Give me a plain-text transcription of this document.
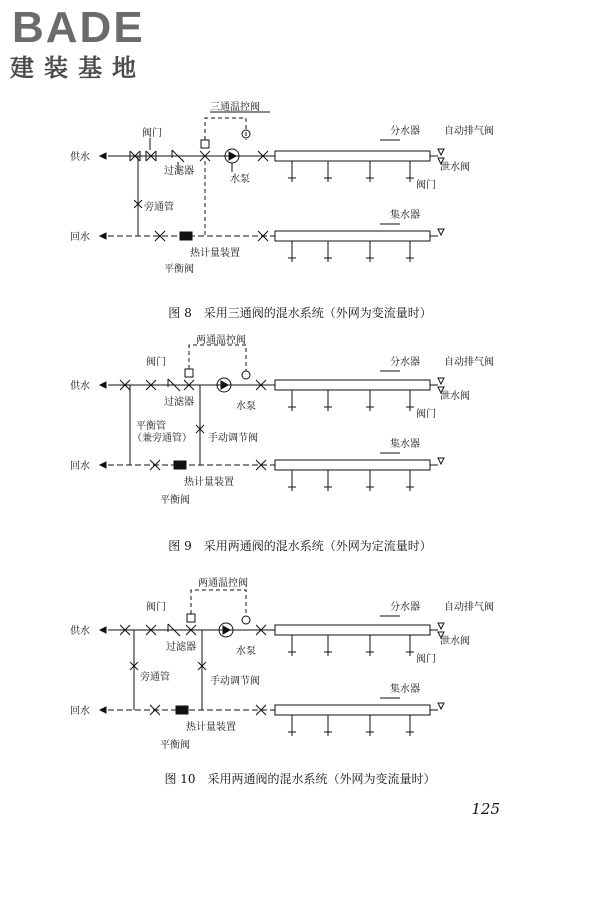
BADE
建装基地
三通温控阀
阀门
过滤器
水泵
供水
回水
旁通管
热计量装置
平衡阀
分水器 自动排气阀
泄水阀
阀门
集水器
图 8　采用三通阀的混水系统（外网为变流量时）
两通温控阀
阀门
过滤器	水泵
供水
回水
平衡管
（兼旁通管） 手动调节阀
热计量装置
平衡阀
分水器 自动排气阀
泄水阀
阀门
集水器
图 9　采用两通阀的混水系统（外网为定流量时）
两通温控阀
阀门
过滤器	水泵
供水
回水
旁通管	手动调节阀
热计量装置
平衡阀
分水器 自动排气阀
泄水阀
阀门
集水器
图 10　采用两通阀的混水系统（外网为变流量时）
125
